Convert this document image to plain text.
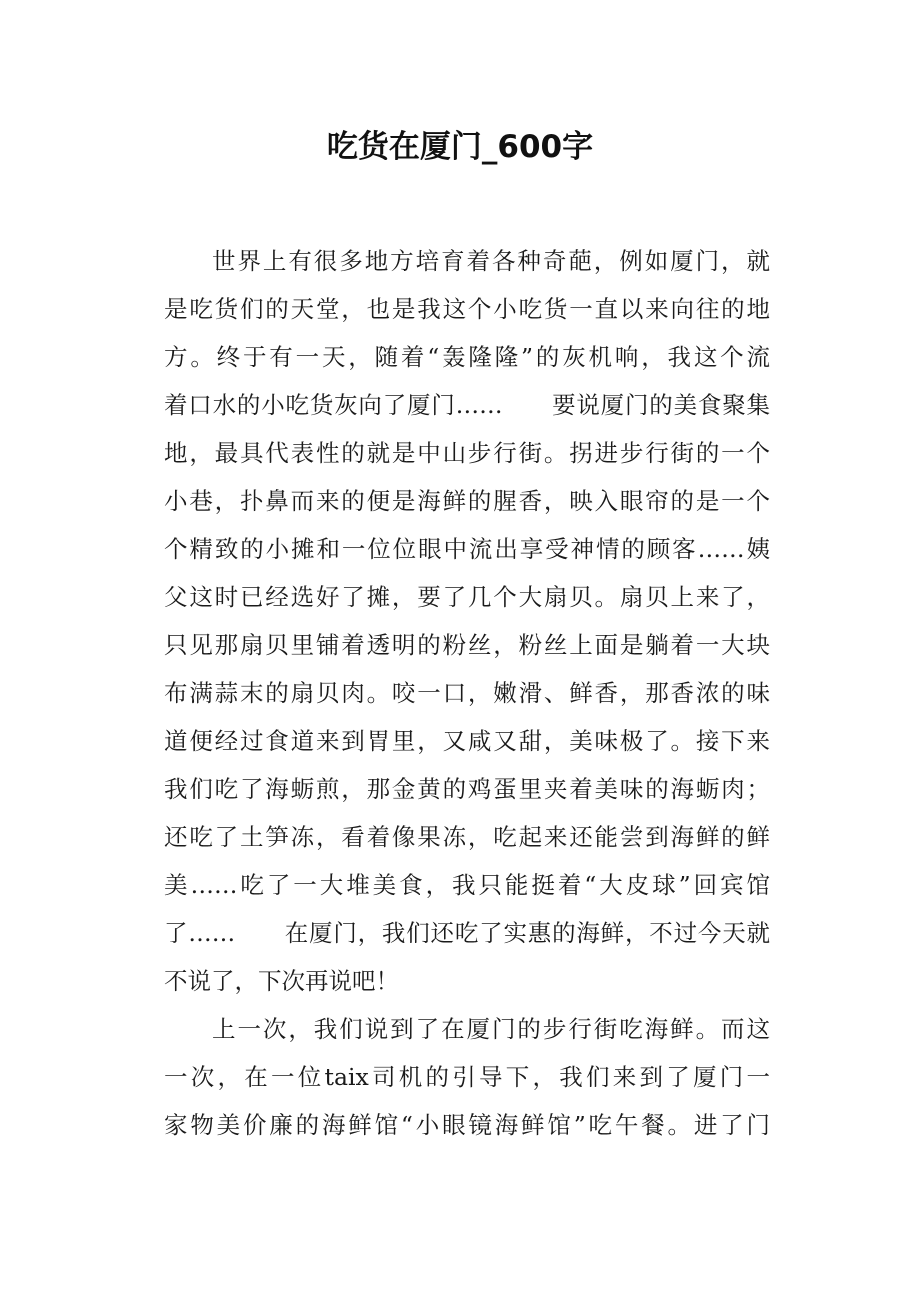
吃货在厦门_600字
世界上有很多地方培育着各种奇葩，例如厦门，就
是吃货们的天堂，也是我这个小吃货一直以来向往的地
方。终于有一天，随着“轰隆隆”的灰机响，我这个流
着口水的小吃货灰向了厦门……　　要说厦门的美食聚集
地，最具代表性的就是中山步行街。拐进步行街的一个
小巷，扑鼻而来的便是海鲜的腥香，映入眼帘的是一个
个精致的小摊和一位位眼中流出享受神情的顾客……姨
父这时已经选好了摊，要了几个大扇贝。扇贝上来了，
只见那扇贝里铺着透明的粉丝，粉丝上面是躺着一大块
布满蒜末的扇贝肉。咬一口，嫩滑、鲜香，那香浓的味
道便经过食道来到胃里，又咸又甜，美味极了。接下来
我们吃了海蛎煎，那金黄的鸡蛋里夹着美味的海蛎肉；
还吃了土笋冻，看着像果冻，吃起来还能尝到海鲜的鲜
美……吃了一大堆美食，我只能挺着“大皮球”回宾馆
了……　　在厦门，我们还吃了实惠的海鲜，不过今天就
不说了，下次再说吧！
上一次，我们说到了在厦门的步行街吃海鲜。而这
一次，在一位taix司机的引导下，我们来到了厦门一
家物美价廉的海鲜馆“小眼镜海鲜馆”吃午餐。进了门
